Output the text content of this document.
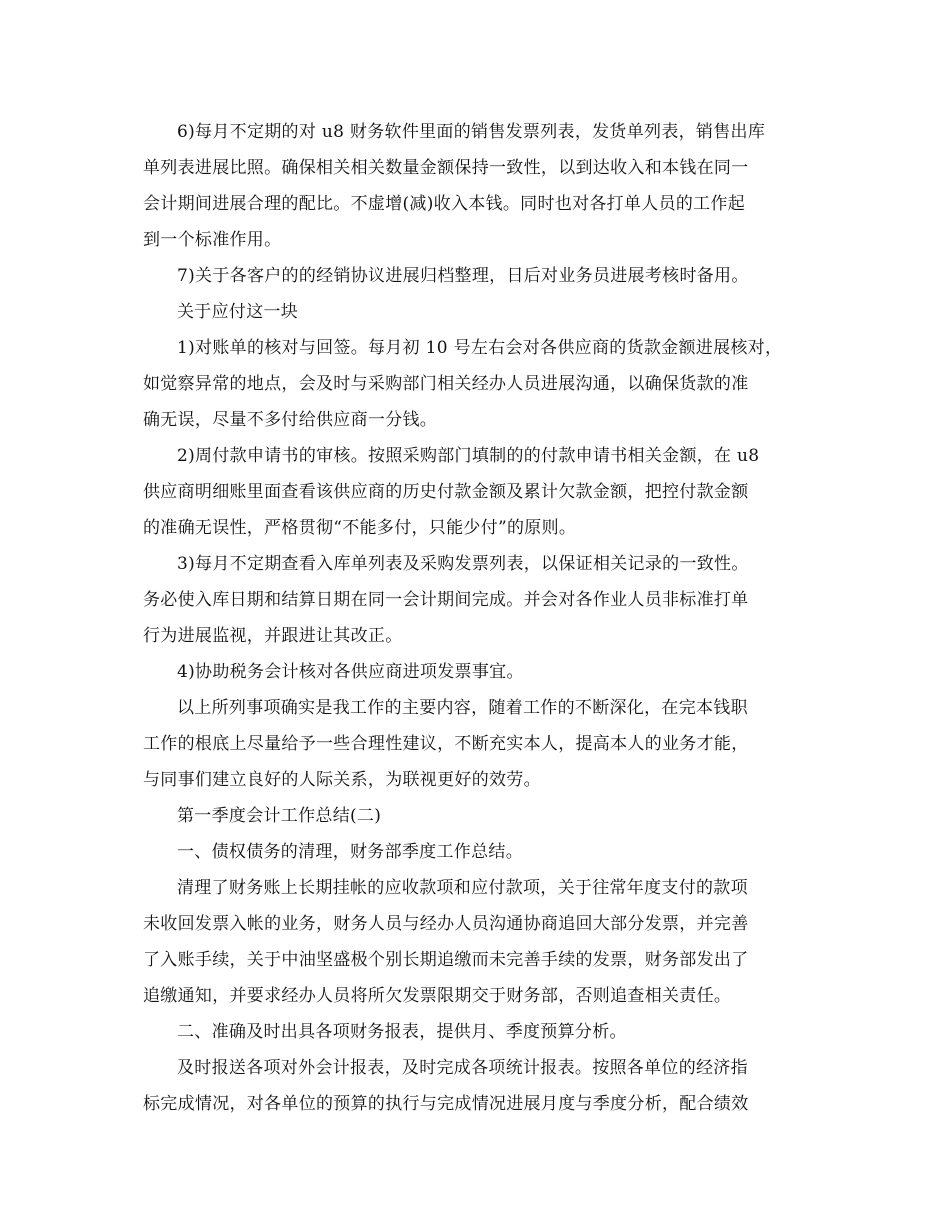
6)每月不定期的对 u8 财务软件里面的销售发票列表，发货单列表，销售出库
单列表进展比照。确保相关相关数量金额保持一致性，以到达收入和本钱在同一
会计期间进展合理的配比。不虚增(减)收入本钱。同时也对各打单人员的工作起
到一个标准作用。
7)关于各客户的的经销协议进展归档整理，日后对业务员进展考核时备用。
关于应付这一块
1)对账单的核对与回签。每月初 10 号左右会对各供应商的货款金额进展核对，
如觉察异常的地点，会及时与采购部门相关经办人员进展沟通，以确保货款的准
确无误，尽量不多付给供应商一分钱。
2)周付款申请书的审核。按照采购部门填制的的付款申请书相关金额，在 u8
供应商明细账里面查看该供应商的历史付款金额及累计欠款金额，把控付款金额
的准确无误性，严格贯彻“不能多付，只能少付”的原则。
3)每月不定期查看入库单列表及采购发票列表，以保证相关记录的一致性。
务必使入库日期和结算日期在同一会计期间完成。并会对各作业人员非标准打单
行为进展监视，并跟进让其改正。
4)协助税务会计核对各供应商进项发票事宜。
以上所列事项确实是我工作的主要内容，随着工作的不断深化，在完本钱职
工作的根底上尽量给予一些合理性建议，不断充实本人，提高本人的业务才能，
与同事们建立良好的人际关系，为联视更好的效劳。
第一季度会计工作总结(二)
一、债权债务的清理，财务部季度工作总结。
清理了财务账上长期挂帐的应收款项和应付款项，关于往常年度支付的款项
未收回发票入帐的业务，财务人员与经办人员沟通协商追回大部分发票，并完善
了入账手续，关于中油坚盛极个别长期追缴而未完善手续的发票，财务部发出了
追缴通知，并要求经办人员将所欠发票限期交于财务部，否则追查相关责任。
二、准确及时出具各项财务报表，提供月、季度预算分析。
及时报送各项对外会计报表，及时完成各项统计报表。按照各单位的经济指
标完成情况，对各单位的预算的执行与完成情况进展月度与季度分析，配合绩效
